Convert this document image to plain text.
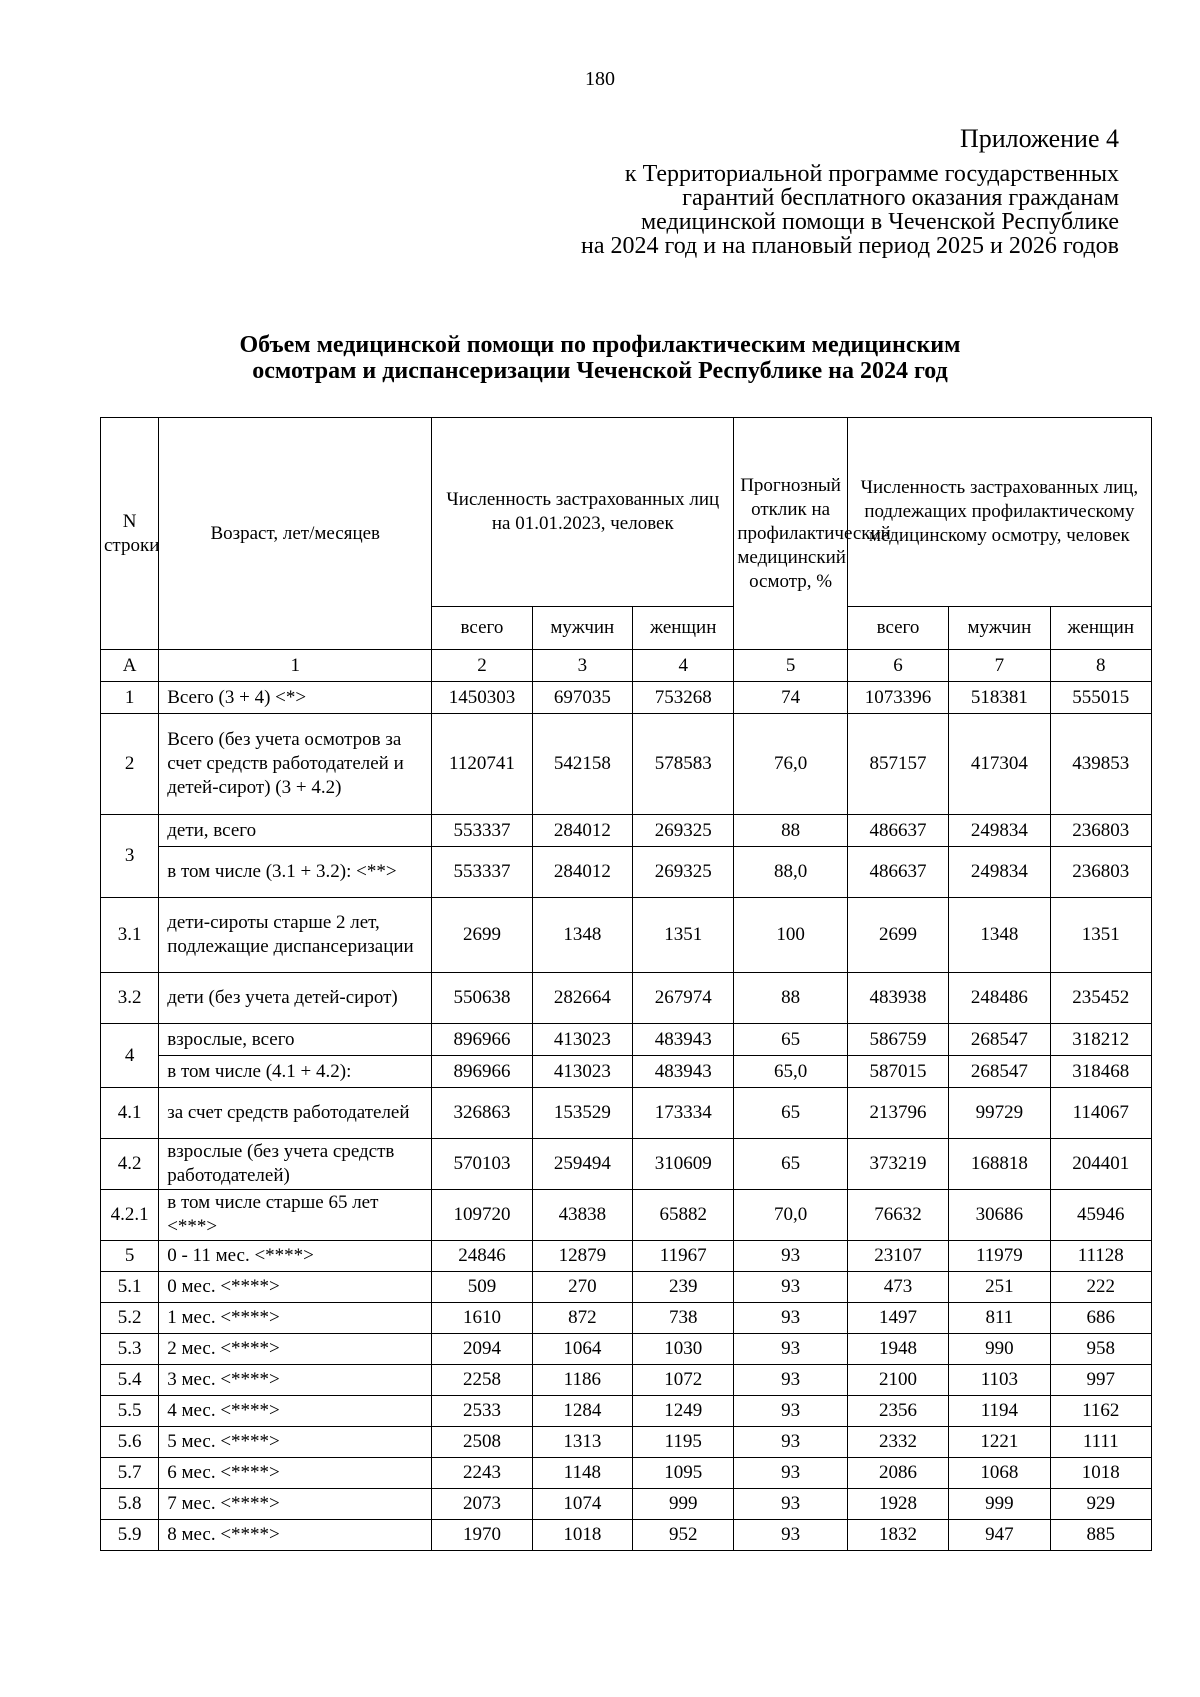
180
Приложение 4
к Территориальной программе государственных
гарантий бесплатного оказания гражданам
медицинской помощи в Чеченской Республике
на 2024 год и на плановый период 2025 и 2026 годов
Объем медицинской помощи по профилактическим медицинским
осмотрам и диспансеризации Чеченской Республике на 2024 год
N строки	Возраст, лет/месяцев	Численность застрахованных лиц на 01.01.2023, человек			Прогнозный отклик на профилактический медицинский осмотр, %	Численность застрахованных лиц, подлежащих профилактическому медицинскому осмотру, человек		
		всего	мужчин	женщин		всего	мужчин	женщин
А	1	2	3	4	5	6	7	8
1	Всего (3 + 4) <*>	1450303	697035	753268	74	1073396	518381	555015
2	Всего (без учета осмотров за счет средств работодателей и детей-сирот) (3 + 4.2)	1120741	542158	578583	76,0	857157	417304	439853
3	дети, всего	553337	284012	269325	88	486637	249834	236803
	в том числе (3.1 + 3.2): <**>	553337	284012	269325	88,0	486637	249834	236803
3.1	дети-сироты старше 2 лет, подлежащие диспансеризации	2699	1348	1351	100	2699	1348	1351
3.2	дети (без учета детей-сирот)	550638	282664	267974	88	483938	248486	235452
4	взрослые, всего	896966	413023	483943	65	586759	268547	318212
	в том числе (4.1 + 4.2):	896966	413023	483943	65,0	587015	268547	318468
4.1	за счет средств работодателей	326863	153529	173334	65	213796	99729	114067
4.2	взрослые (без учета средств работодателей)	570103	259494	310609	65	373219	168818	204401
4.2.1	в том числе старше 65 лет <***>	109720	43838	65882	70,0	76632	30686	45946
5	0 - 11 мес. <****>	24846	12879	11967	93	23107	11979	11128
5.1	0 мес. <****>	509	270	239	93	473	251	222
5.2	1 мес. <****>	1610	872	738	93	1497	811	686
5.3	2 мес. <****>	2094	1064	1030	93	1948	990	958
5.4	3 мес. <****>	2258	1186	1072	93	2100	1103	997
5.5	4 мес. <****>	2533	1284	1249	93	2356	1194	1162
5.6	5 мес. <****>	2508	1313	1195	93	2332	1221	1111
5.7	6 мес. <****>	2243	1148	1095	93	2086	1068	1018
5.8	7 мес. <****>	2073	1074	999	93	1928	999	929
5.9	8 мес. <****>	1970	1018	952	93	1832	947	885
